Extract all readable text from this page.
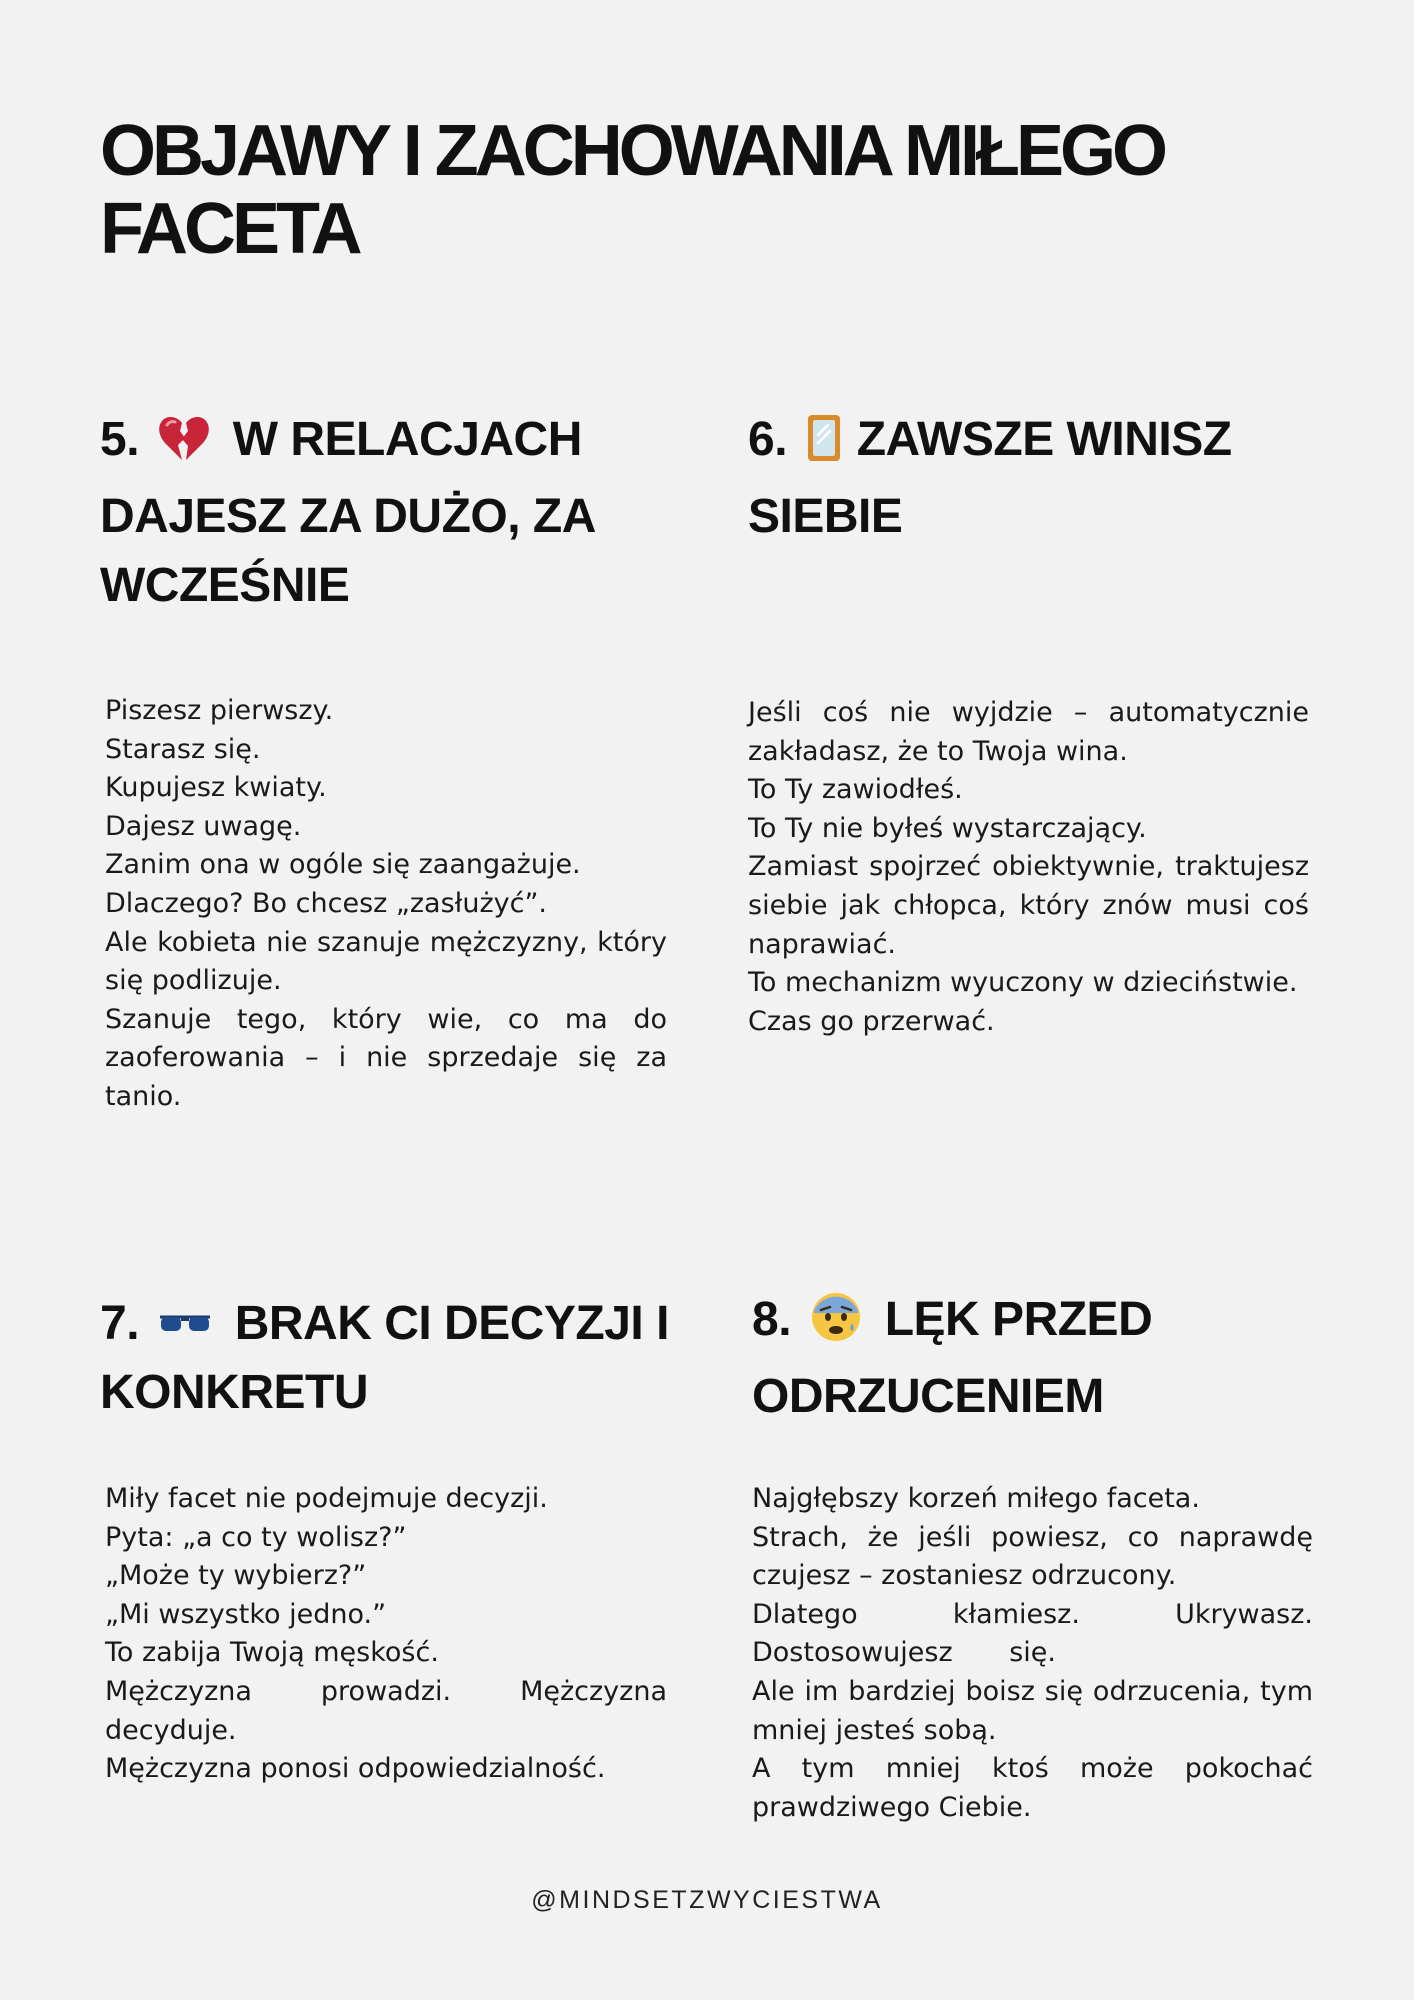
OBJAWY I ZACHOWANIA MIŁEGO FACETA
5. W RELACJACH DAJESZ ZA DUŻO, ZA WCZEŚNIE

Piszesz pierwszy.

Starasz się.

Kupujesz kwiaty.

Dajesz uwagę.

Zanim ona w ogóle się zaangażuje.

Dlaczego? Bo chcesz „zasłużyć”.

Ale kobieta nie szanuje mężczyzny, który się podlizuje.

Szanuje tego, który wie, co ma do zaoferowania – i nie sprzedaje się za tanio.

6. ZAWSZE WINISZ SIEBIE

Jeśli coś nie wyjdzie – automatycznie zakładasz, że to Twoja wina.

To Ty zawiodłeś.

To Ty nie byłeś wystarczający.

Zamiast spojrzeć obiektywnie, traktujesz siebie jak chłopca, który znów musi coś naprawiać.

To mechanizm wyuczony w dzieciństwie.

Czas go przerwać.

7. BRAK CI DECYZJI I KONKRETU

Miły facet nie podejmuje decyzji.

Pyta: „a co ty wolisz?”

„Może ty wybierz?”

„Mi wszystko jedno.”

To zabija Twoją męskość.

Mężczyzna prowadzi. Mężczyzna decyduje.

Mężczyzna ponosi odpowiedzialność.

8. LĘK PRZED ODRZUCENIEM

Najgłębszy korzeń miłego faceta.

Strach, że jeśli powiesz, co naprawdę czujesz – zostaniesz odrzucony.

Dlatego kłamiesz. Ukrywasz. Dostosowujesz się.

Ale im bardziej boisz się odrzucenia, tym mniej jesteś sobą.

A tym mniej ktoś może pokochać prawdziwego Ciebie.

@MINDSETZWYCIESTWA
